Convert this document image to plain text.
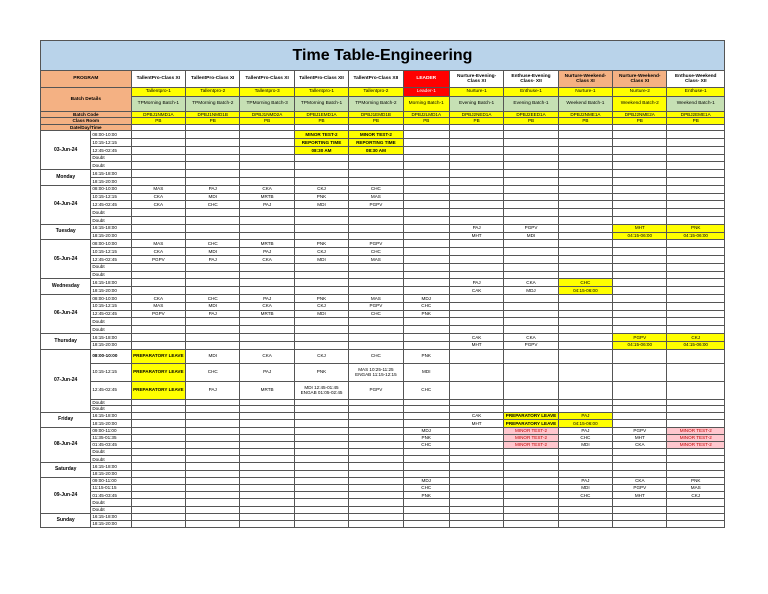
Time Table-Engineering												
PROGRAM		TallentPro-Class XI	TallentPro-Class XI	TallentPro-Class XI	TallentPro-Class XII	TallentPro-Class XII	LEADER	Nurture-Evening-Class XI	Enthuse-Evening Class- XII	Nurture-Weekend-Class XI	Nurture-Weekend-Class XI	Enthuse-Weekend Class- XII
Batch Details		Tallentpro-1	Tallentpro-2	Tallentpro-3	Tallentpro-1	Tallentpro-2	Leader-1	Nurture-1	Enthuse-1	Nurture-1	Nurture-2	Enthuse-1
		TPMorning Batch-1	TPMorning Batch-2	TPMorning Batch-3	TPMorning Batch-1	TPMorning Batch-2	Morning Batch-1	Evening Batch-1	Evening Batch-1	Weekend Batch-1	Weekend Batch-2	Weekend Batch-1
Batch Code		DPBJ1NMD1A	DPBJ1NMD1B	DPBJ1NMD2A	DPBJ1EMD1A	DPBJ1EMD1B	DPBJ2LMD1A	DPBJ2NED1A	DPBJ2EED1A	DPBJ2NME1A	DPBJ2NME2A	DPBJ2EME1A
Class Room		PB	PB	PB	PB	PB	PB	PB	PB	PB	PB	PB
Date/Day/Time												
03-Jun-24	08:00-10:00				MINOR TEST-2	MINOR TEST-2						
	10:15-12:15				REPORTING TIME	REPORTING TIME						
	12:45-02:45				08:30 AM	08:30 AM						
	Doubt											
	Doubt											
Monday	16:15-18:00											
	18:15-20:00											
04-Jun-24	08:00-10:00	MAS	PAJ	CKA	CKJ	CHC						
	10:15-12:15	CKA	MDI	MRTB	PNK	MAS						
	12:45-02:45	CKA	CHC	PAJ	MDI	PGPV						
	Doubt											
	Doubt											
Tuesday	16:15-18:00							PAJ	PGPV		MHT	PNK
	18:15-20:00							MHT	MDI		04:15-06:00	04:15-06:00
05-Jun-24	08:00-10:00	MAS	CHC	MRTB	PNK	PGPV						
	10:15-12:15	CKA	MDI	PAJ	CKJ	CHC						
	12:45-02:45	PGPV	PAJ	CKA	MDI	MAS						
	Doubt											
	Doubt											
Wednesday	16:15-18:00							PAJ	CKA	CHC		
	18:15-20:00							CAK	MDJ	04:15-06:00		
06-Jun-24	08:00-10:00	CKA	CHC	PAJ	PNK	MAS	MDJ					
	10:15-12:15	MAS	MDI	CKA	CKJ	PGPV	CHC					
	12:45-02:45	PGPV	PAJ	MRTB	MDI	CHC	PNK					
	Doubt											
	Doubt											
Thursday	16:15-18:00							CAK	CKA		PGPV	CKJ
	18:15-20:00							MHT	PGPV		04:15-06:00	04:15-06:00
07-Jun-24	08:00-10:00	PREPARATORY LEAVE	MDI	CKA	CKJ	CHC	PNK					
	10:15-12:15	PREPARATORY LEAVE	CHC	PAJ	PNK	MAS 10:25-11:25 ENGAB 11:15-12:15	MDI					
	12:45-02:45	PREPARATORY LEAVE	PAJ	MRTB	MDI 12:45-01:45 ENGAB 01:05-02:45	PGPV	CHC					
	Doubt											
	Doubt											
Friday	16:15-18:00							CAK	PREPARATORY LEAVE	PAJ		
	18:15-20:00							MHT	PREPARATORY LEAVE	04:15-06:00		
08-Jun-24	09:00-11:00						MDJ		MINOR TEST-2	PAJ	PGPV	MINOR TEST-2
	11:35-01:35						PNK		MINOR TEST-2	CHC	MHT	MINOR TEST-2
	01:45-03:45						CHC		MINOR TEST-2	MDI	CKA	MINOR TEST-2
	Doubt											
	Doubt											
Saturday	16:15-18:00											
	18:15-20:00											
09-Jun-24	09:00-11:00						MDJ			PAJ	CKA	PNK
	11:15-01:15						CHC			MDI	PGPV	MAS
	01:45-03:45						PNK			CHC	MHT	CKJ
	Doubt											
	Doubt											
Sunday	16:15-18:00											
	18:15-20:00											
